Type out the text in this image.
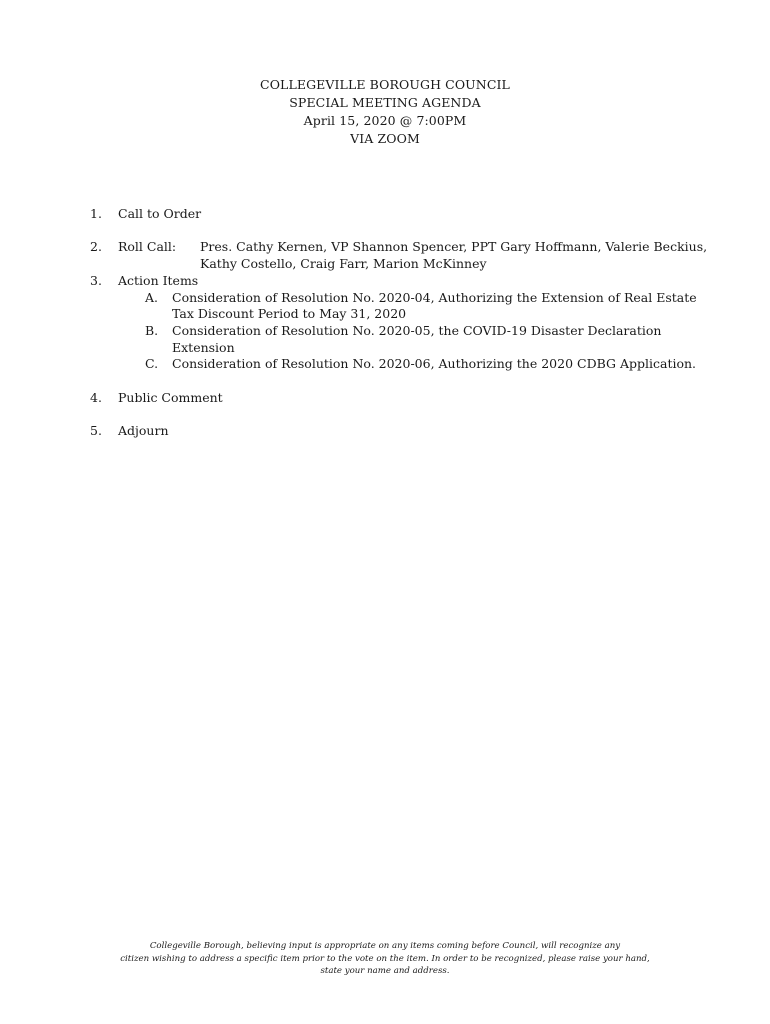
COLLEGEVILLE BOROUGH COUNCIL
SPECIAL MEETING AGENDA
April 15, 2020 @ 7:00PM
VIA ZOOM
1. Call to Order
2. Roll Call: Pres. Cathy Kernen, VP Shannon Spencer, PPT Gary Hoffmann, Valerie Beckius,
Kathy Costello, Craig Farr, Marion McKinney
3. Action Items
A. Consideration of Resolution No. 2020-04, Authorizing the Extension of Real Estate
Tax Discount Period to May 31, 2020
B. Consideration of Resolution No. 2020-05, the COVID-19 Disaster Declaration
Extension
C. Consideration of Resolution No. 2020-06, Authorizing the 2020 CDBG Application.
4. Public Comment
5. Adjourn
Collegeville Borough, believing input is appropriate on any items coming before Council, will recognize any
citizen wishing to address a specific item prior to the vote on the item. In order to be recognized, please raise your hand,
state your name and address.
